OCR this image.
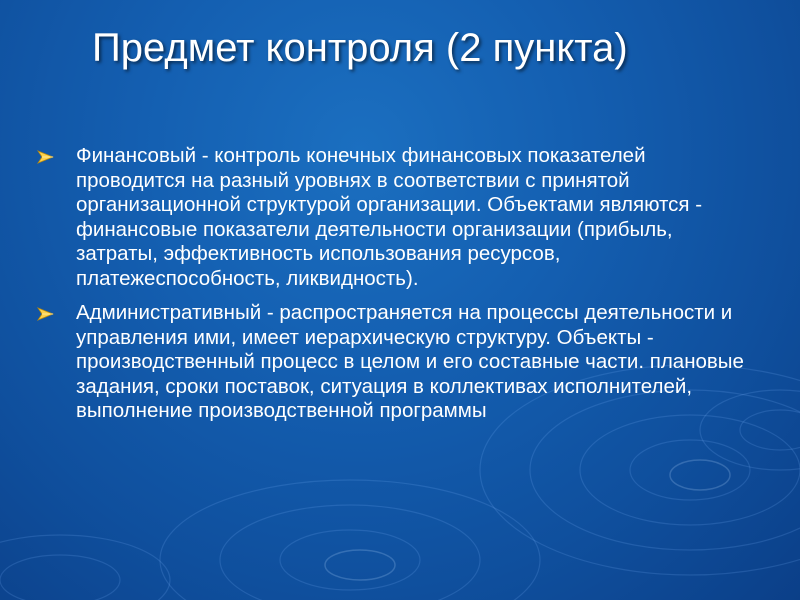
Предмет контроля (2 пункта)
Финансовый - контроль конечных финансовых показателей проводится на разный уровнях в соответствии с принятой организационной структурой организации. Объектами являются - финансовые показатели деятельности организации (прибыль, затраты, эффективность использования ресурсов, платежеспособность, ликвидность).
Административный - распространяется на процессы деятельности и управления ими, имеет иерархическую структуру. Объекты - производственный процесс в целом и его составные части. плановые задания, сроки поставок, ситуация в коллективах исполнителей, выполнение производственной программы
